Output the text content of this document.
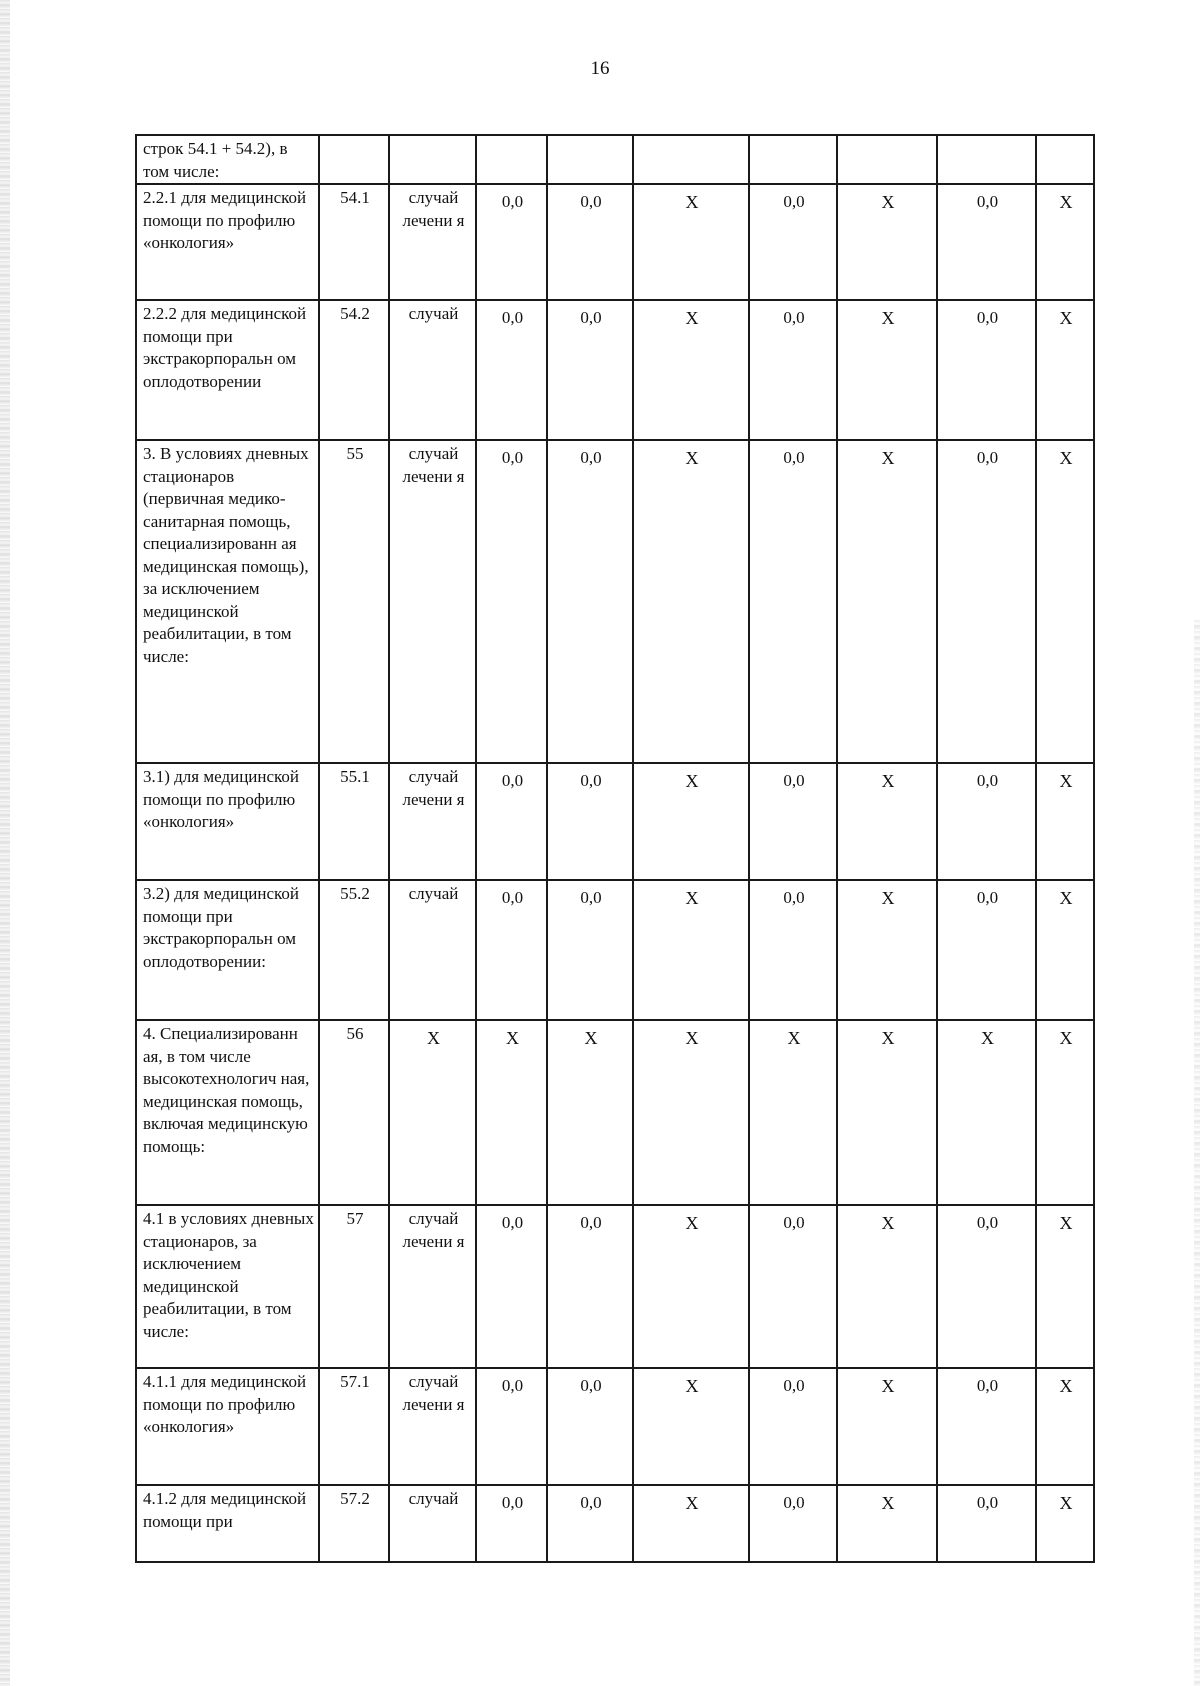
16
строк 54.1 + 54.2), в том числе:									
2.2.1 для медицинской помощи по профилю «онкология»	54.1	случай лечени я	0,0	0,0	X	0,0	X	0,0	X
2.2.2 для медицинской помощи при экстракорпоральн ом оплодотворении	54.2	случай	0,0	0,0	X	0,0	X	0,0	X
3. В условиях дневных стационаров (первичная медико-санитарная помощь, специализированн ая медицинская помощь), за исключением медицинской реабилитации, в том числе:	55	случай лечени я	0,0	0,0	X	0,0	X	0,0	X
3.1) для медицинской помощи по профилю «онкология»	55.1	случай лечени я	0,0	0,0	X	0,0	X	0,0	X
3.2) для медицинской помощи при экстракорпоральн ом оплодотворении:	55.2	случай	0,0	0,0	X	0,0	X	0,0	X
4. Специализированн ая, в том числе высокотехнологич ная, медицинская помощь, включая медицинскую помощь:	56	X	X	X	X	X	X	X	X
4.1 в условиях дневных стационаров, за исключением медицинской реабилитации, в том числе:	57	случай лечени я	0,0	0,0	X	0,0	X	0,0	X
4.1.1 для медицинской помощи по профилю «онкология»	57.1	случай лечени я	0,0	0,0	X	0,0	X	0,0	X
4.1.2 для медицинской помощи при	57.2	случай	0,0	0,0	X	0,0	X	0,0	X
